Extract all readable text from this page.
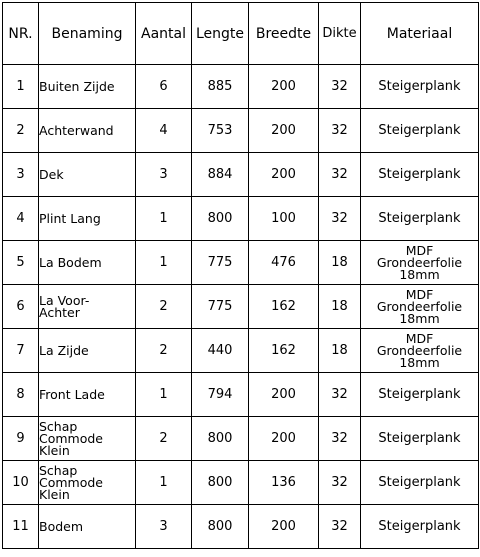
NR.	Benaming	Aantal	Lengte	Breedte	Dikte	Materiaal
1	Buiten Zijde	6	885	200	32	Steigerplank

2	Achterwand	4	753	200	32	Steigerplank

3	Dek	3	884	200	32	Steigerplank

4	Plint Lang	1	800	100	32	Steigerplank

5	La Bodem	1	775	476	18	MDF
Grondeerfolie
18mm

6	La Voor-
Achter	2	775	162	18	MDF
Grondeerfolie
18mm

7	La Zijde	2	440	162	18	MDF
Grondeerfolie
18mm

8	Front Lade	1	794	200	32	Steigerplank

9	Schap
Commode
Klein	2	800	200	32	Steigerplank

10	Schap
Commode
Klein	1	800	136	32	Steigerplank

11	Bodem	3	800	200	32	Steigerplank
